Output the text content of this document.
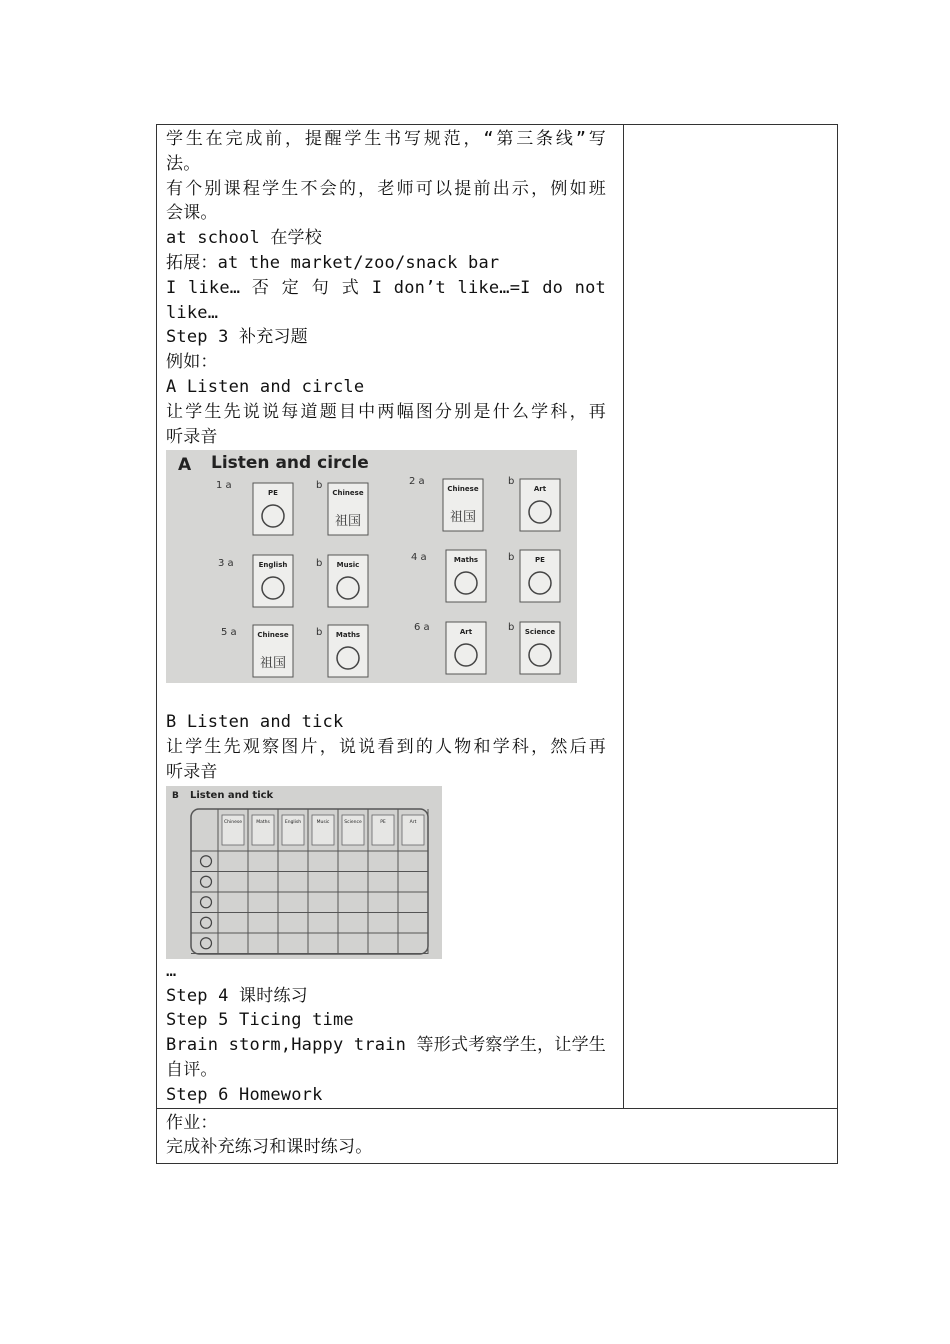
学生在完成前，提醒学生书写规范，“第三条线”写
法。
有个别课程学生不会的，老师可以提前出示，例如班
会课。
at school 在学校
拓展：at the market/zoo/snack bar
I like… 否 定 句 式 I don’t like…=I do not
like…
Step 3 补充习题
例如：
A Listen and circle
让学生先说说每道题目中两幅图分别是什么学科，再
听录音
A Listen and circle
1 a	b
PE	Chinese
祖国
2 a	b
Chinese
祖国
Art
3 a	b
English	Music
4 a	b
Maths	PE
5 a	b
Chinese
祖国
Maths
6 a	b
Art	Science
B Listen and tick
让学生先观察图片，说说看到的人物和学科，然后再
听录音
B Listen and tick
Chinese	Maths	English	Music	Science	PE	Art
…
Step 4 课时练习
Step 5 Ticing time
Brain storm,Happy train 等形式考察学生，让学生
自评。
Step 6 Homework

作业：
完成补充练习和课时练习。
